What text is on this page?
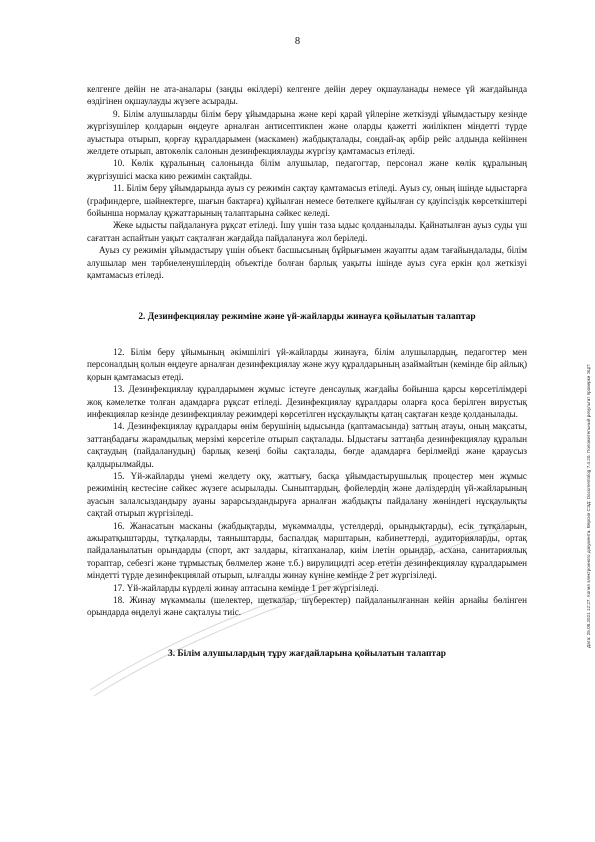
8

келгенге дейін не ата-аналары (заңды өкілдері) келгенге дейін дереу оқшауланады немесе үй жағдайында өздігінен оқшаулауды жүзеге асырады.

9. Білім алушыларды білім беру ұйымдарына және кері қарай үйлеріне жеткізуді ұйымдастыру кезінде жүргізушілер қолдарын өңдеуге арналған антисептикпен және оларды қажетті жиілікпен міндетті түрде ауыстыра отырып, қорғау құралдарымен (маскамен) жабдықталады, сондай-ақ әрбір рейс алдында кейіннен желдете отырып, автокөлік салонын дезинфекциялауды жүргізу қамтамасыз етіледі.

10. Көлік құралының салонында білім алушылар, педагогтар, персонал және көлік құралының жүргізушісі маска кию режимін сақтайды.

11. Білім беру ұйымдарында ауыз су режимін сақтау қамтамасыз етіледі. Ауыз су, оның ішінде ыдыстарға (графиндерге, шәйнектерге, шағын бактарға) құйылған немесе бөтелкеге құйылған су қауіпсіздік көрсеткіштері бойынша нормалау құжаттарының талаптарына сәйкес келеді.

Жеке ыдысты пайдалануға рұқсат етіледі. Ішу үшін таза ыдыс қолданылады. Қайнатылған ауыз суды үш сағаттан аспайтын уақыт сақталған жағдайда пайдалануға жол беріледі.

Ауыз су режимін ұйымдастыру үшін объект басшысының бұйрығымен жауапты адам тағайындалады, білім алушылар мен тәрбиеленушілердің объектіде болған барлық уақыты ішінде ауыз суға еркін қол жеткізуі қамтамасыз етіледі.

2. Дезинфекциялау режиміне және үй-жайларды жинауға қойылатын талаптар

12. Білім беру ұйымының әкімшілігі үй-жайларды жинауға, білім алушылардың, педагогтер мен персоналдың қолын өңдеуге арналған дезинфекциялау және жуу құралдарының азаймайтын (кемінде бір айлық) қорын қамтамасыз етеді.

13. Дезинфекциялау құралдарымен жұмыс істеуге денсаулық жағдайы бойынша қарсы көрсетілімдері жоқ кәмелетке толған адамдарға рұқсат етіледі. Дезинфекциялау құралдары оларға қоса берілген вирустық инфекциялар кезінде дезинфекциялау режимдері көрсетілген нұсқаулықты қатаң сақтаған кезде қолданылады.

14. Дезинфекциялау құралдары өнім берушінің ыдысында (қаптамасында) заттың атауы, оның мақсаты, заттаңбадағы жарамдылық мерзімі көрсетіле отырып сақталады. Ыдыстағы заттаңба дезинфекциялау құралын сақтаудың (пайдаланудың) барлық кезеңі бойы сақталады, бөгде адамдарға берілмейді және қараусыз қалдырылмайды.

15. Үй-жайларды үнемі желдету оқу, жаттығу, басқа ұйымдастырушылық процестер мен жұмыс режимінің кестесіне сәйкес жүзеге асырылады. Сыныптардың, фойелердің және дәліздердің үй-жайларының ауасын залалсыздандыру ауаны зарарсыздандыруға арналған жабдықты пайдалану жөніндегі нұсқаулықты сақтай отырып жүргізіледі.

16. Жанасатын масканы (жабдықтарды, мүкәммалды, үстелдерді, орындықтарды), есік тұтқаларын, ажыратқыштарды, тұтқаларды, таяныштарды, баспалдақ марштарын, кабинеттерді, аудиторияларды, ортақ пайдаланылатын орындарды (спорт, акт залдары, кітапханалар, киім ілетін орындар, асхана, санитариялық тораптар, себезгі және тұрмыстық бөлмелер және т.б.) вирулицидті әсер ететін дезинфекциялау құралдарымен міндетті түрде дезинфекциялай отырып, ылғалды жинау күніне кемінде 2 рет жүргізіледі.

17. Үй-жайларды күрделі жинау аптасына кемінде 1 рет жүргізіледі.

18. Жинау мүкәммалы (шелектер, щеткалар, шүберектер) пайдаланылғаннан кейін арнайы бөлінген орындарда өңделуі және сақталуы тиіс.

3. Білім алушылардың тұру жағдайларына қойылатын талаптар

Дата: 25.08.2021 12:27. Копия электронного документа. Версия СЭД: Documentolog 7.4.20. Положительный результат проверки ЭЦП
